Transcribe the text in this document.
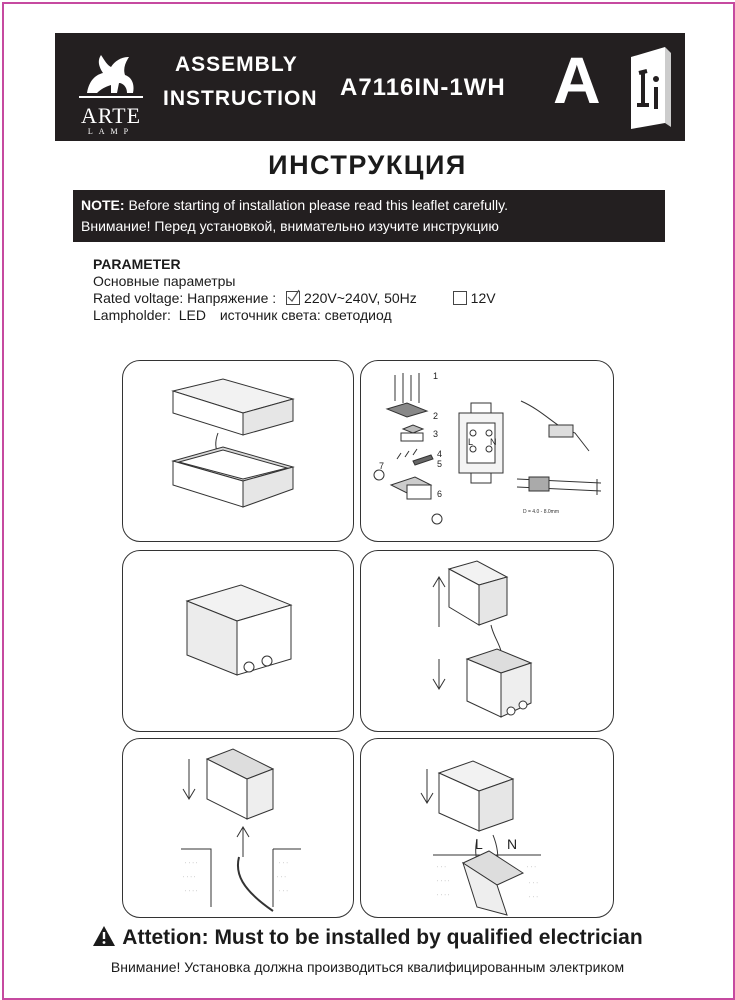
ARTE
LAMP
ASSEMBLY
INSTRUCTION A7116IN-1WH A
ИНСТРУКЦИЯ
NOTE: Before starting of installation please read this leaflet carefully.
Внимание! Перед установкой, внимательно изучите инструкцию
PARAMETER
Основные параметры
Rated voltage: Напряжение : 220V~240V, 50Hz	12V
Lampholder: LED источник света: светодиод
1
2
3
4
5
6
7
L N
D = 4.0 - 8.0mm
˙ ˙ ˙ ˙
˙ ˙ ˙ ˙
˙ ˙ ˙ ˙
˙ ˙ ˙
˙ ˙ ˙
˙ ˙ ˙
L N
˙ ˙ ˙
˙ ˙ ˙ ˙
˙ ˙ ˙ ˙
˙ ˙ ˙
˙ ˙ ˙
˙ ˙ ˙
Attetion: Must to be installed by qualified electrician
Внимание! Установка должна производиться квалифицированным электриком
